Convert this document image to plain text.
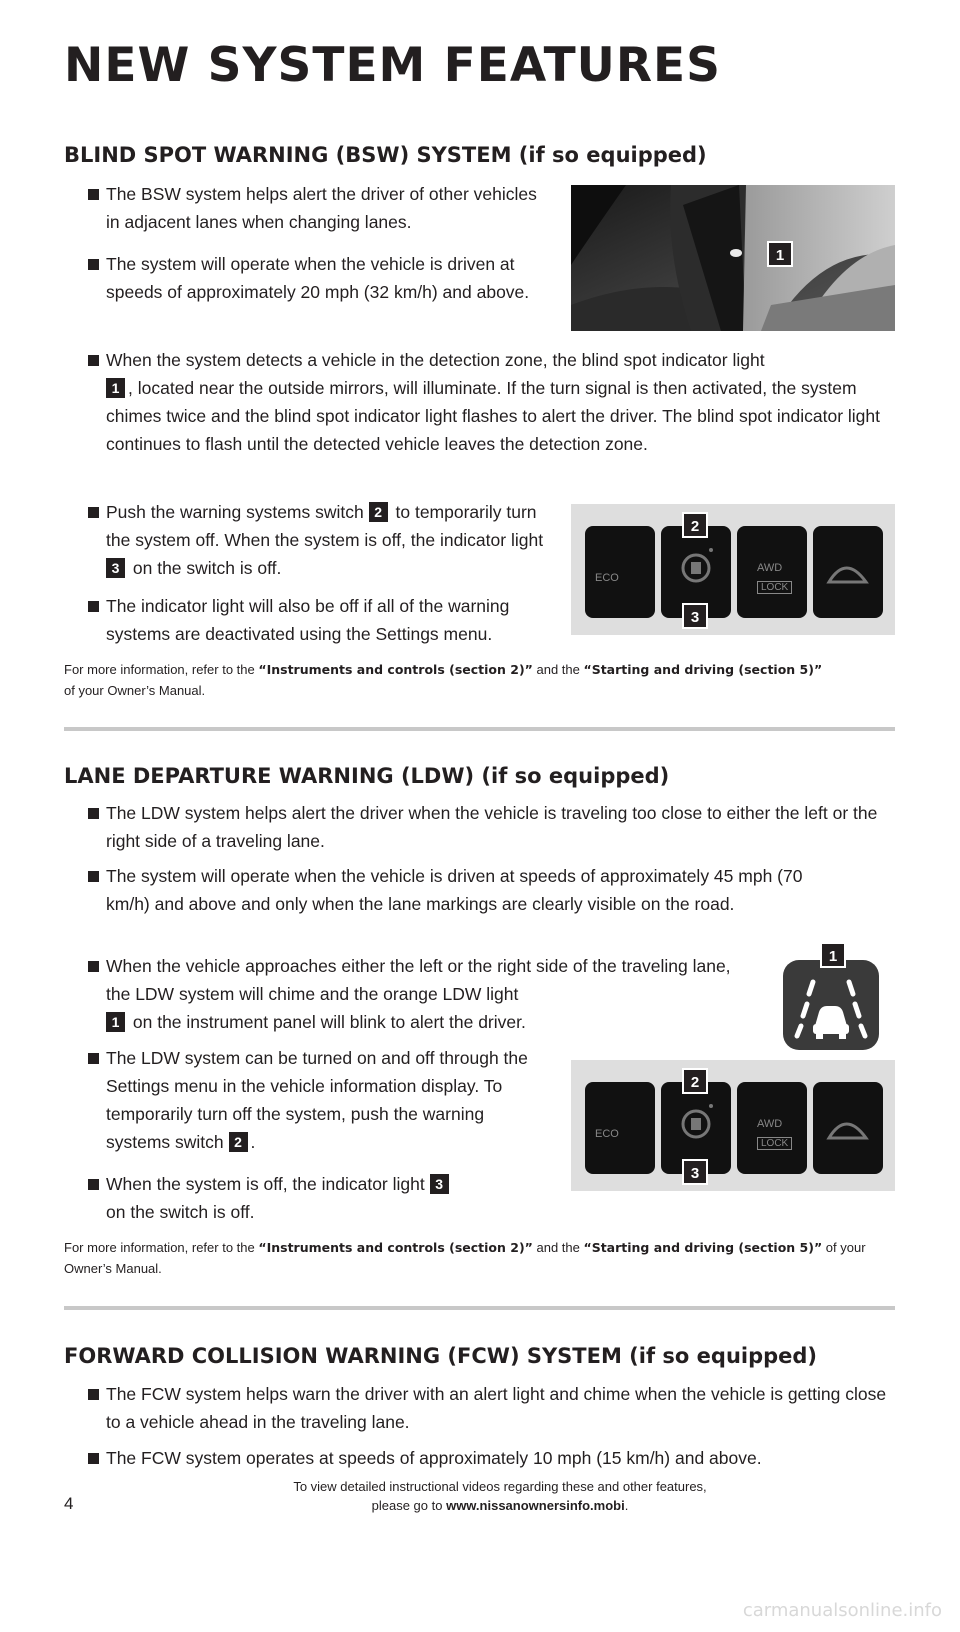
NEW SYSTEM FEATURES
BLIND SPOT WARNING (BSW) SYSTEM (if so equipped)
The BSW system helps alert the driver of other vehicles in adjacent lanes when changing lanes.
The system will operate when the vehicle is driven at speeds of approximately 20 mph (32 km/h) and above.
When the system detects a vehicle in the detection zone, the blind spot indicator light
1 , located near the outside mirrors, will illuminate. If the turn signal is then activated, the system chimes twice and the blind spot indicator light flashes to alert the driver. The blind spot indicator light continues to flash until the detected vehicle leaves the detection zone.
Push the warning systems switch 2 to temporarily turn the system off. When the system is off, the indicator light 3 on the switch is off.
The indicator light will also be off if all of the warning systems are deactivated using the Settings menu.
For more information, refer to the “Instruments and controls (section 2)” and the “Starting and driving (section 5)”
of your Owner’s Manual.
1
ECO
AWD
LOCK
2
3
LANE DEPARTURE WARNING (LDW) (if so equipped)
The LDW system helps alert the driver when the vehicle is traveling too close to either the left or the right side of a traveling lane.
The system will operate when the vehicle is driven at speeds of approximately 45 mph (70 km/h) and above and only when the lane markings are clearly visible on the road.
When the vehicle approaches either the left or the right side of the traveling lane, the LDW system will chime and the orange LDW light
1 on the instrument panel will blink to alert the driver.
The LDW system can be turned on and off through the Settings menu in the vehicle information display. To temporarily turn off the system, push the warning systems switch 2 .
When the system is off, the indicator light 3
on the switch is off.
For more information, refer to the “Instruments and controls (section 2)” and the “Starting and driving (section 5)” of your Owner’s Manual.
1
ECO
AWD
LOCK
2
3
FORWARD COLLISION WARNING (FCW) SYSTEM (if so equipped)
The FCW system helps warn the driver with an alert light and chime when the vehicle is getting close to a vehicle ahead in the traveling lane.
The FCW system operates at speeds of approximately 10 mph (15 km/h) and above.
4
To view detailed instructional videos regarding these and other features,
please go to www.nissanownersinfo.mobi.
carmanualsonline.info
